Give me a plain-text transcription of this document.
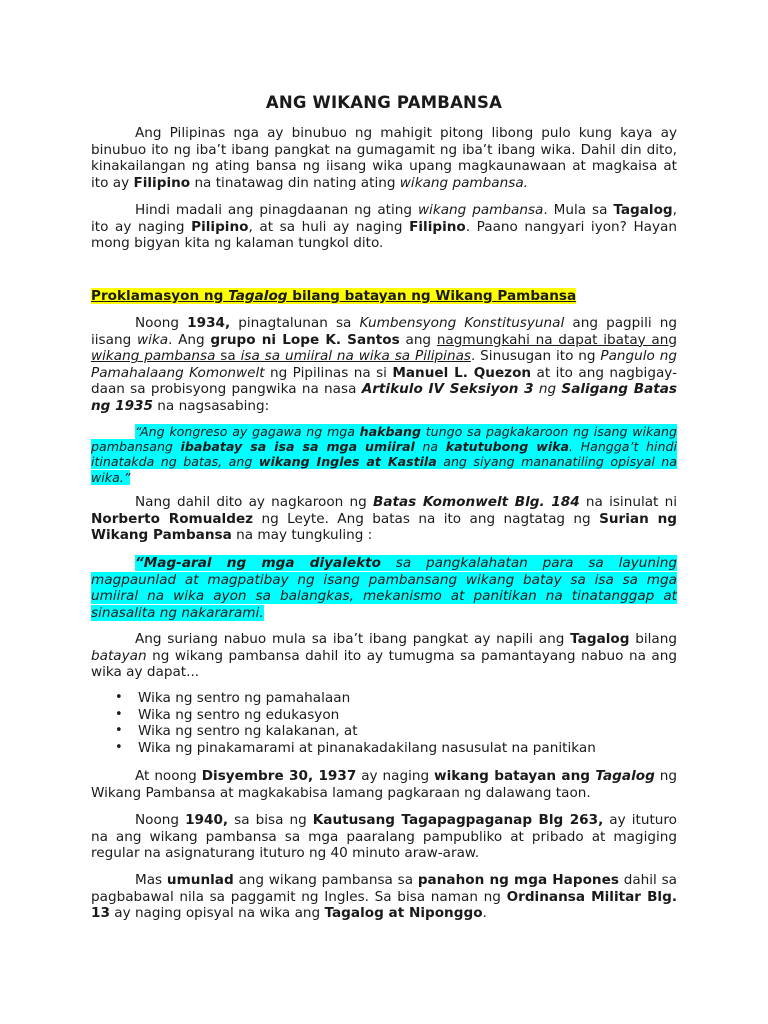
ANG WIKANG PAMBANSA

Ang Pilipinas nga ay binubuo ng mahigit pitong libong pulo kung kaya ay binubuo ito ng iba’t ibang pangkat na gumagamit ng iba’t ibang wika. Dahil din dito, kinakailangan ng ating bansa ng iisang wika upang magkaunawaan at magkaisa at ito ay Filipino na tinatawag din nating ating wikang pambansa.

Hindi madali ang pinagdaanan ng ating wikang pambansa. Mula sa Tagalog, ito ay naging Pilipino, at sa huli ay naging Filipino. Paano nangyari iyon? Hayan mong bigyan kita ng kalaman tungkol dito.

Proklamasyon ng Tagalog bilang batayan ng Wikang Pambansa

Noong 1934, pinagtalunan sa Kumbensyong Konstitusyunal ang pagpili ng iisang wika. Ang grupo ni Lope K. Santos ang nagmungkahi na dapat ibatay ang wikang pambansa sa isa sa umiiral na wika sa Pilipinas. Sinusugan ito ng Pangulo ng Pamahalaang Komonwelt ng Pipilinas na si Manuel L. Quezon at ito ang nagbigay-daan sa probisyong pangwika na nasa Artikulo IV Seksiyon 3 ng Saligang Batas ng 1935 na nagsasabing:

“Ang kongreso ay gagawa ng mga hakbang tungo sa pagkakaroon ng isang wikang pambansang ibabatay sa isa sa mga umiiral na katutubong wika. Hangga’t hindi itinatakda ng batas, ang wikang Ingles at Kastila ang siyang mananatiling opisyal na wika.”

Nang dahil dito ay nagkaroon ng Batas Komonwelt Blg. 184 na isinulat ni Norberto Romualdez ng Leyte. Ang batas na ito ang nagtatag ng Surian ng Wikang Pambansa na may tungkuling :

“Mag-aral ng mga diyalekto sa pangkalahatan para sa layuning magpaunlad at magpatibay ng isang pambansang wikang batay sa isa sa mga umiiral na wika ayon sa balangkas, mekanismo at panitikan na tinatanggap at sinasalita ng nakararami.

Ang suriang nabuo mula sa iba’t ibang pangkat ay napili ang Tagalog bilang batayan ng wikang pambansa dahil ito ay tumugma sa pamantayang nabuo na ang wika ay dapat...

• Wika ng sentro ng pamahalaan
• Wika ng sentro ng edukasyon
• Wika ng sentro ng kalakanan, at
• Wika ng pinakamarami at pinanakadakilang nasusulat na panitikan

At noong Disyembre 30, 1937 ay naging wikang batayan ang Tagalog ng Wikang Pambansa at magkakabisa lamang pagkaraan ng dalawang taon.

Noong 1940, sa bisa ng Kautusang Tagapagpaganap Blg 263, ay ituturo na ang wikang pambansa sa mga paaralang pampubliko at pribado at magiging regular na asignaturang ituturo ng 40 minuto araw-araw.

Mas umunlad ang wikang pambansa sa panahon ng mga Hapones dahil sa pagbabawal nila sa paggamit ng Ingles. Sa bisa naman ng Ordinansa Militar Blg. 13 ay naging opisyal na wika ang Tagalog at Niponggo.
